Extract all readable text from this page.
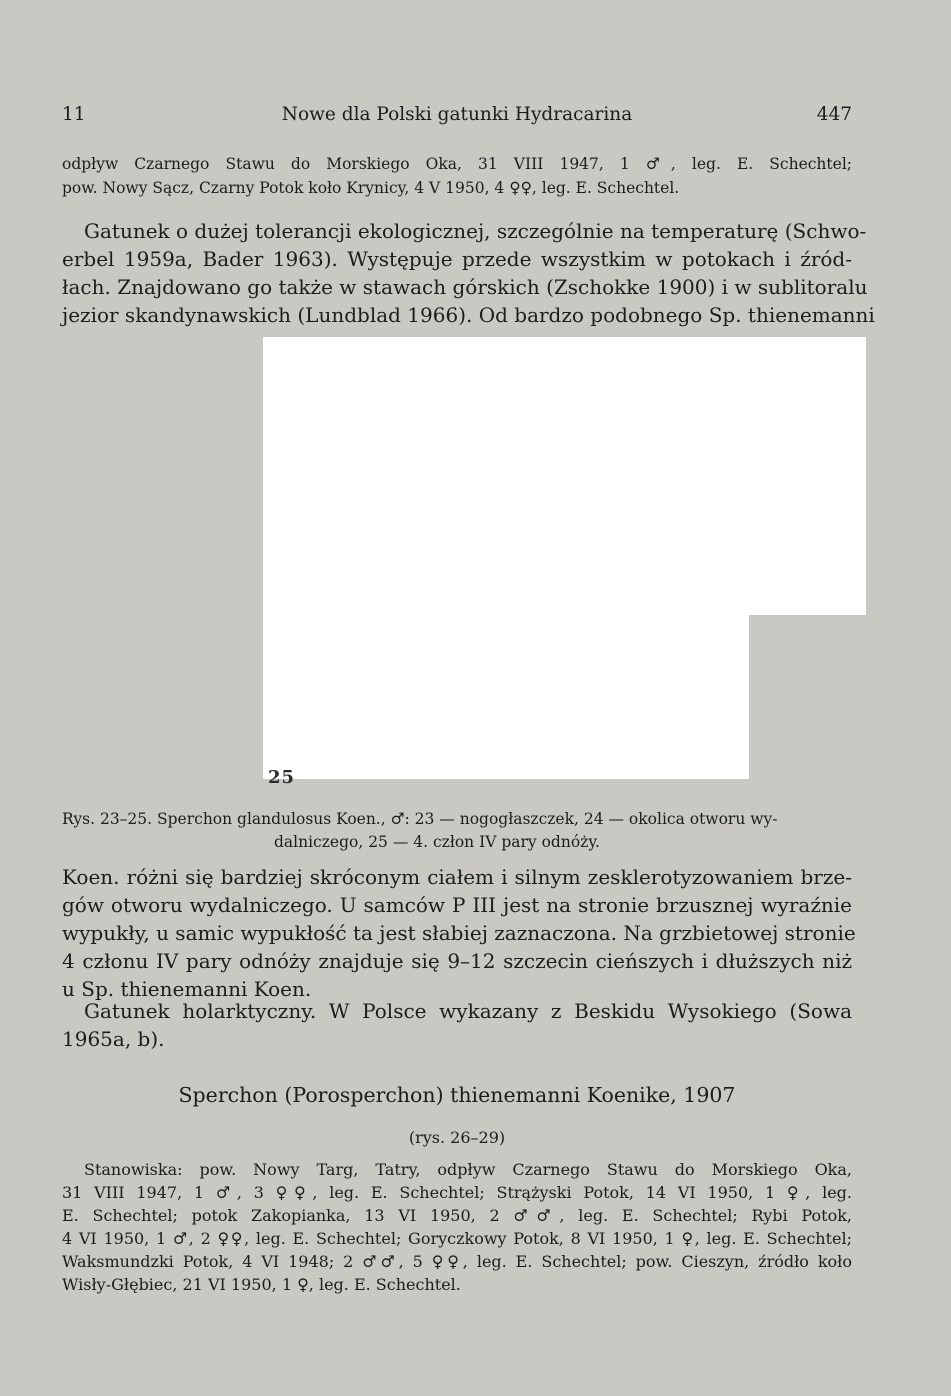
11	Nowe dla Polski gatunki Hydracarina	447
odpływ Czarnego Stawu do Morskiego Oka, 31 VIII 1947, 1 ♂, leg. E. Schechtel;
pow. Nowy Sącz, Czarny Potok koło Krynicy, 4 V 1950, 4 ♀♀, leg. E. Schechtel.
Gatunek o dużej tolerancji ekologicznej, szczególnie na temperaturę (Schwo-
erbel 1959a, Bader 1963). Występuje przede wszystkim w potokach i źród-
łach. Znajdowano go także w stawach górskich (Zschokke 1900) i w sublitoralu
jezior skandynawskich (Lundblad 1966). Od bardzo podobnego Sp. thienemanni
25
Rys. 23–25. Sperchon glandulosus Koen., ♂: 23 — nogogłaszczek, 24 — okolica otworu wy-
dalniczego, 25 — 4. człon IV pary odnóży.
Koen. różni się bardziej skróconym ciałem i silnym zesklerotyzowaniem brze-
gów otworu wydalniczego. U samców P III jest na stronie brzusznej wyraźnie
wypukły, u samic wypukłość ta jest słabiej zaznaczona. Na grzbietowej stronie
4 członu IV pary odnóży znajduje się 9–12 szczecin cieńszych i dłuższych niż
u Sp. thienemanni Koen.
Gatunek holarktyczny. W Polsce wykazany z Beskidu Wysokiego (Sowa
1965a, b).
Sperchon (Porosperchon) thienemanni Koenike, 1907
(rys. 26–29)
Stanowiska: pow. Nowy Targ, Tatry, odpływ Czarnego Stawu do Morskiego Oka,
31 VIII 1947, 1 ♂, 3 ♀♀, leg. E. Schechtel; Strążyski Potok, 14 VI 1950, 1 ♀, leg.
E. Schechtel; potok Zakopianka, 13 VI 1950, 2 ♂♂, leg. E. Schechtel; Rybi Potok,
4 VI 1950, 1 ♂, 2 ♀♀, leg. E. Schechtel; Goryczkowy Potok, 8 VI 1950, 1 ♀, leg. E. Schechtel;
Waksmundzki Potok, 4 VI 1948; 2 ♂♂, 5 ♀♀, leg. E. Schechtel; pow. Cieszyn, źródło koło
Wisły-Głębiec, 21 VI 1950, 1 ♀, leg. E. Schechtel.
